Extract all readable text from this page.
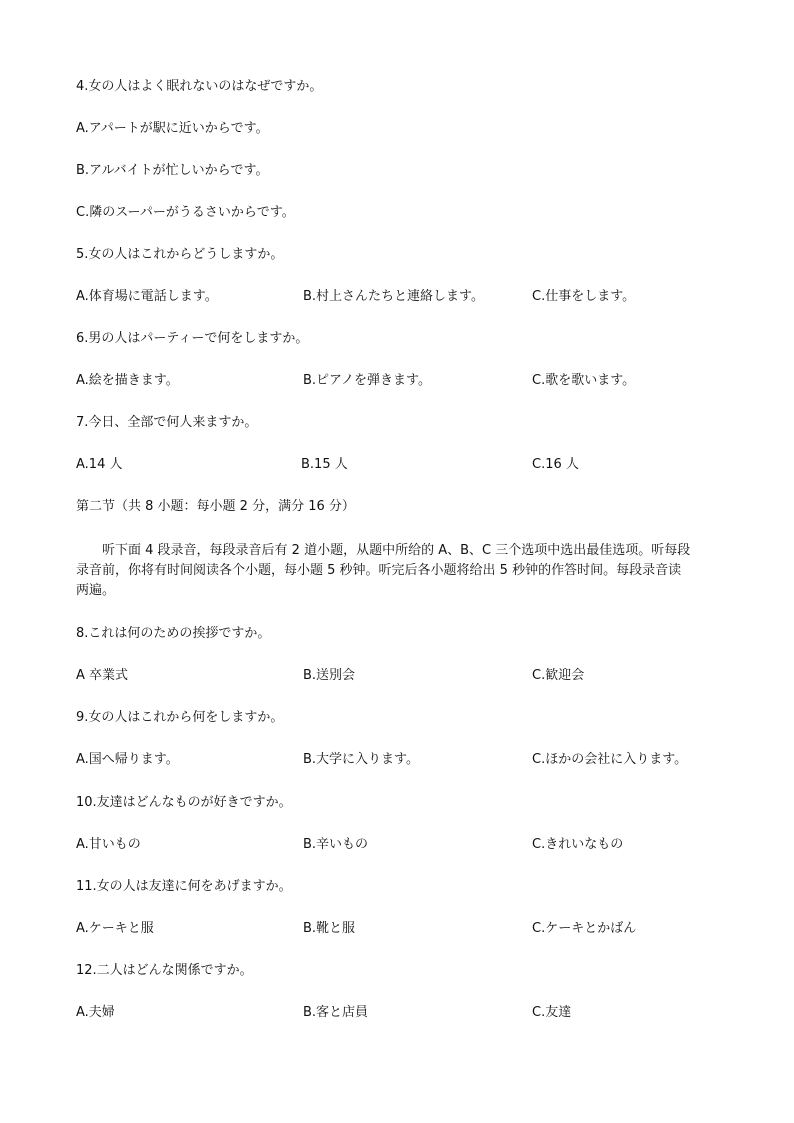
4.女の人はよく眠れないのはなぜですか。
A.アパートが駅に近いからです。
B.アルバイトが忙しいからです。
C.隣のスーパーがうるさいからです。
5.女の人はこれからどうしますか。
A.体育場に電話します。	B.村上さんたちと連絡します。	C.仕事をします。
6.男の人はパーティーで何をしますか。
A.絵を描きます。	B.ピアノを弾きます。	C.歌を歌います。
7.今日、全部で何人来ますか。
A.14 人	B.15 人	C.16 人
第二节（共 8 小题：每小题 2 分，满分 16 分）
听下面 4 段录音，每段录音后有 2 道小题，从题中所给的 A、B、C 三个选项中选出最佳选项。听每段
录音前，你将有时间阅读各个小题，每小题 5 秒钟。听完后各小题将给出 5 秒钟的作答时间。每段录音读
两遍。
8.これは何のための挨拶ですか。
A 卒業式	B.送別会	C.歓迎会
9.女の人はこれから何をしますか。
A.国へ帰ります。	B.大学に入ります。	C.ほかの会社に入ります。
10.友達はどんなものが好きですか。
A.甘いもの	B.辛いもの	C.きれいなもの
11.女の人は友達に何をあげますか。
A.ケーキと服	B.靴と服	C.ケーキとかばん
12.二人はどんな関係ですか。
A.夫婦	B.客と店員	C.友達
